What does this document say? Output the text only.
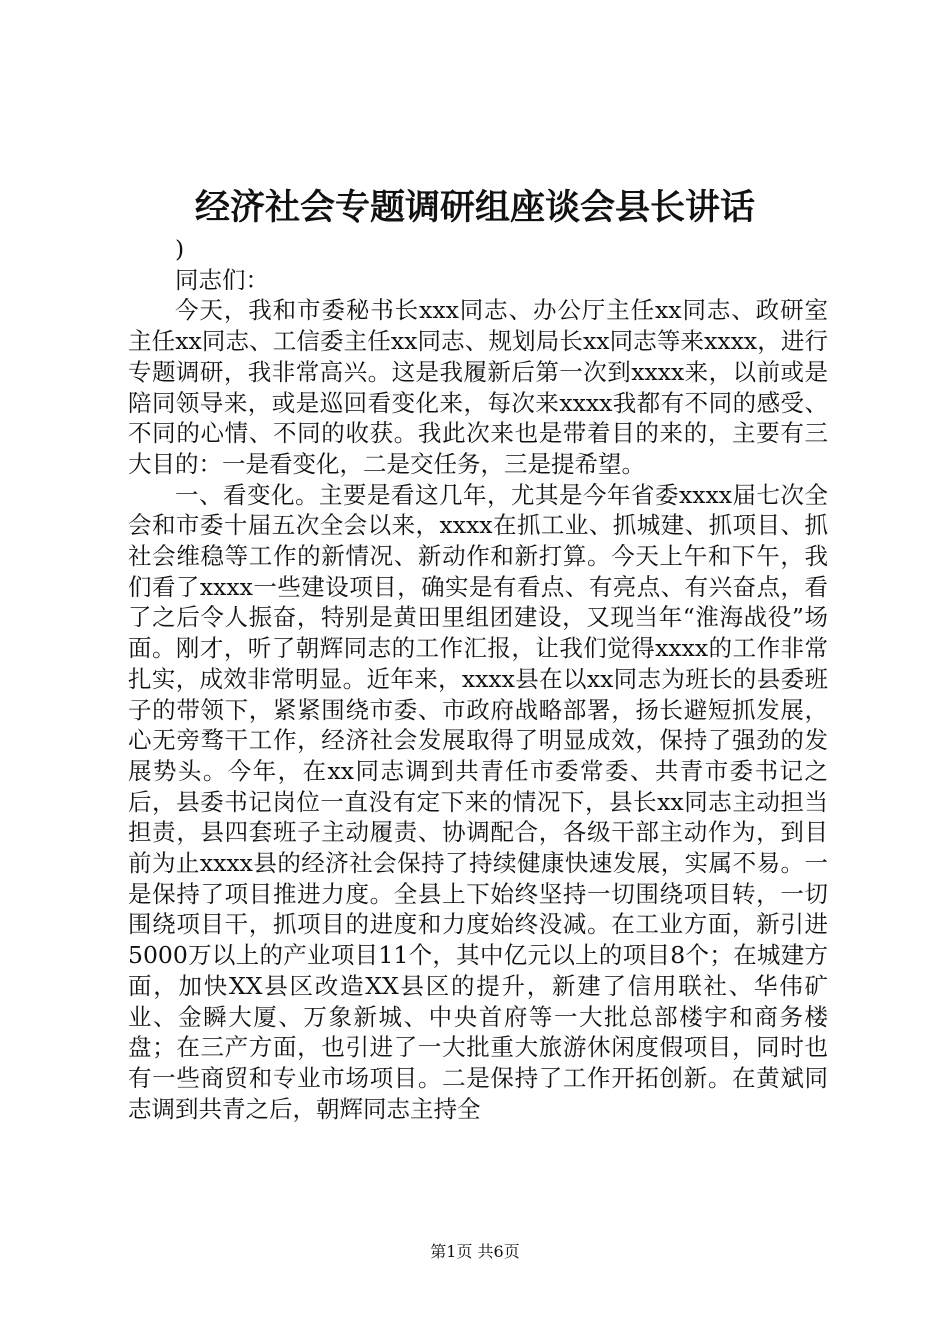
经济社会专题调研组座谈会县长讲话

)

同志们：

今天，我和市委秘书长xxx同志、办公厅主任xx同志、政研室主任xx同志、工信委主任xx同志、规划局长xx同志等来xxxx，进行专题调研，我非常高兴。这是我履新后第一次到xxxx来，以前或是陪同领导来，或是巡回看变化来，每次来xxxx我都有不同的感受、不同的心情、不同的收获。我此次来也是带着目的来的，主要有三大目的：一是看变化，二是交任务，三是提希望。

一、看变化。主要是看这几年，尤其是今年省委xxxx届七次全会和市委十届五次全会以来，xxxx在抓工业、抓城建、抓项目、抓社会维稳等工作的新情况、新动作和新打算。今天上午和下午，我们看了xxxx一些建设项目，确实是有看点、有亮点、有兴奋点，看了之后令人振奋，特别是黄田里组团建设，又现当年“淮海战役”场面。刚才，听了朝辉同志的工作汇报，让我们觉得xxxx的工作非常扎实，成效非常明显。近年来，xxxx县在以xx同志为班长的县委班子的带领下，紧紧围绕市委、市政府战略部署，扬长避短抓发展，心无旁骛干工作，经济社会发展取得了明显成效，保持了强劲的发展势头。今年，在xx同志调到共青任市委常委、共青市委书记之后，县委书记岗位一直没有定下来的情况下，县长xx同志主动担当担责，县四套班子主动履责、协调配合，各级干部主动作为，到目前为止xxxx县的经济社会保持了持续健康快速发展，实属不易。一是保持了项目推进力度。全县上下始终坚持一切围绕项目转，一切围绕项目干，抓项目的进度和力度始终没减。在工业方面，新引进5000万以上的产业项目11个，其中亿元以上的项目8个；在城建方面，加快XX县区改造XX县区的提升，新建了信用联社、华伟矿业、金瞬大厦、万象新城、中央首府等一大批总部楼宇和商务楼盘；在三产方面，也引进了一大批重大旅游休闲度假项目，同时也有一些商贸和专业市场项目。二是保持了工作开拓创新。在黄斌同志调到共青之后，朝辉同志主持全

第1页 共6页
